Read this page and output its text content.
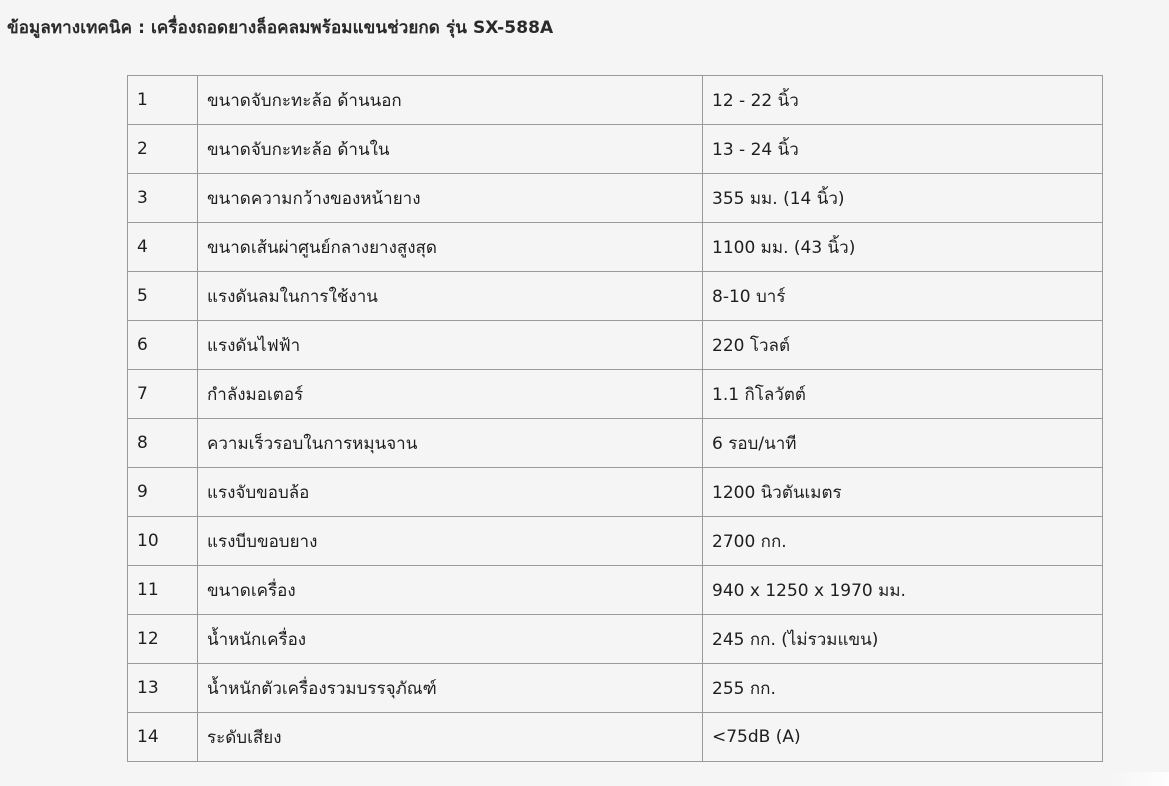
ข้อมูลทางเทคนิค : เครื่องถอดยางล็อคลมพร้อมแขนช่วยกด รุ่น SX-588A
1	ขนาดจับกะทะล้อ ด้านนอก	12 - 22 นิ้ว
2	ขนาดจับกะทะล้อ ด้านใน	13 - 24 นิ้ว
3	ขนาดความกว้างของหน้ายาง	355 มม. (14 นิ้ว)
4	ขนาดเส้นผ่าศูนย์กลางยางสูงสุด	1100 มม. (43 นิ้ว)
5	แรงดันลมในการใช้งาน	8-10 บาร์
6	แรงดันไฟฟ้า	220 โวลต์
7	กำลังมอเตอร์	1.1 กิโลวัตต์
8	ความเร็วรอบในการหมุนจาน	6 รอบ/นาที
9	แรงจับขอบล้อ	1200 นิวตันเมตร
10	แรงบีบขอบยาง	2700 กก.
11	ขนาดเครื่อง	940 x 1250 x 1970 มม.
12	น้ำหนักเครื่อง	245 กก. (ไม่รวมแขน)
13	น้ำหนักตัวเครื่องรวมบรรจุภัณฑ์	255 กก.
14	ระดับเสียง	<75dB (A)
